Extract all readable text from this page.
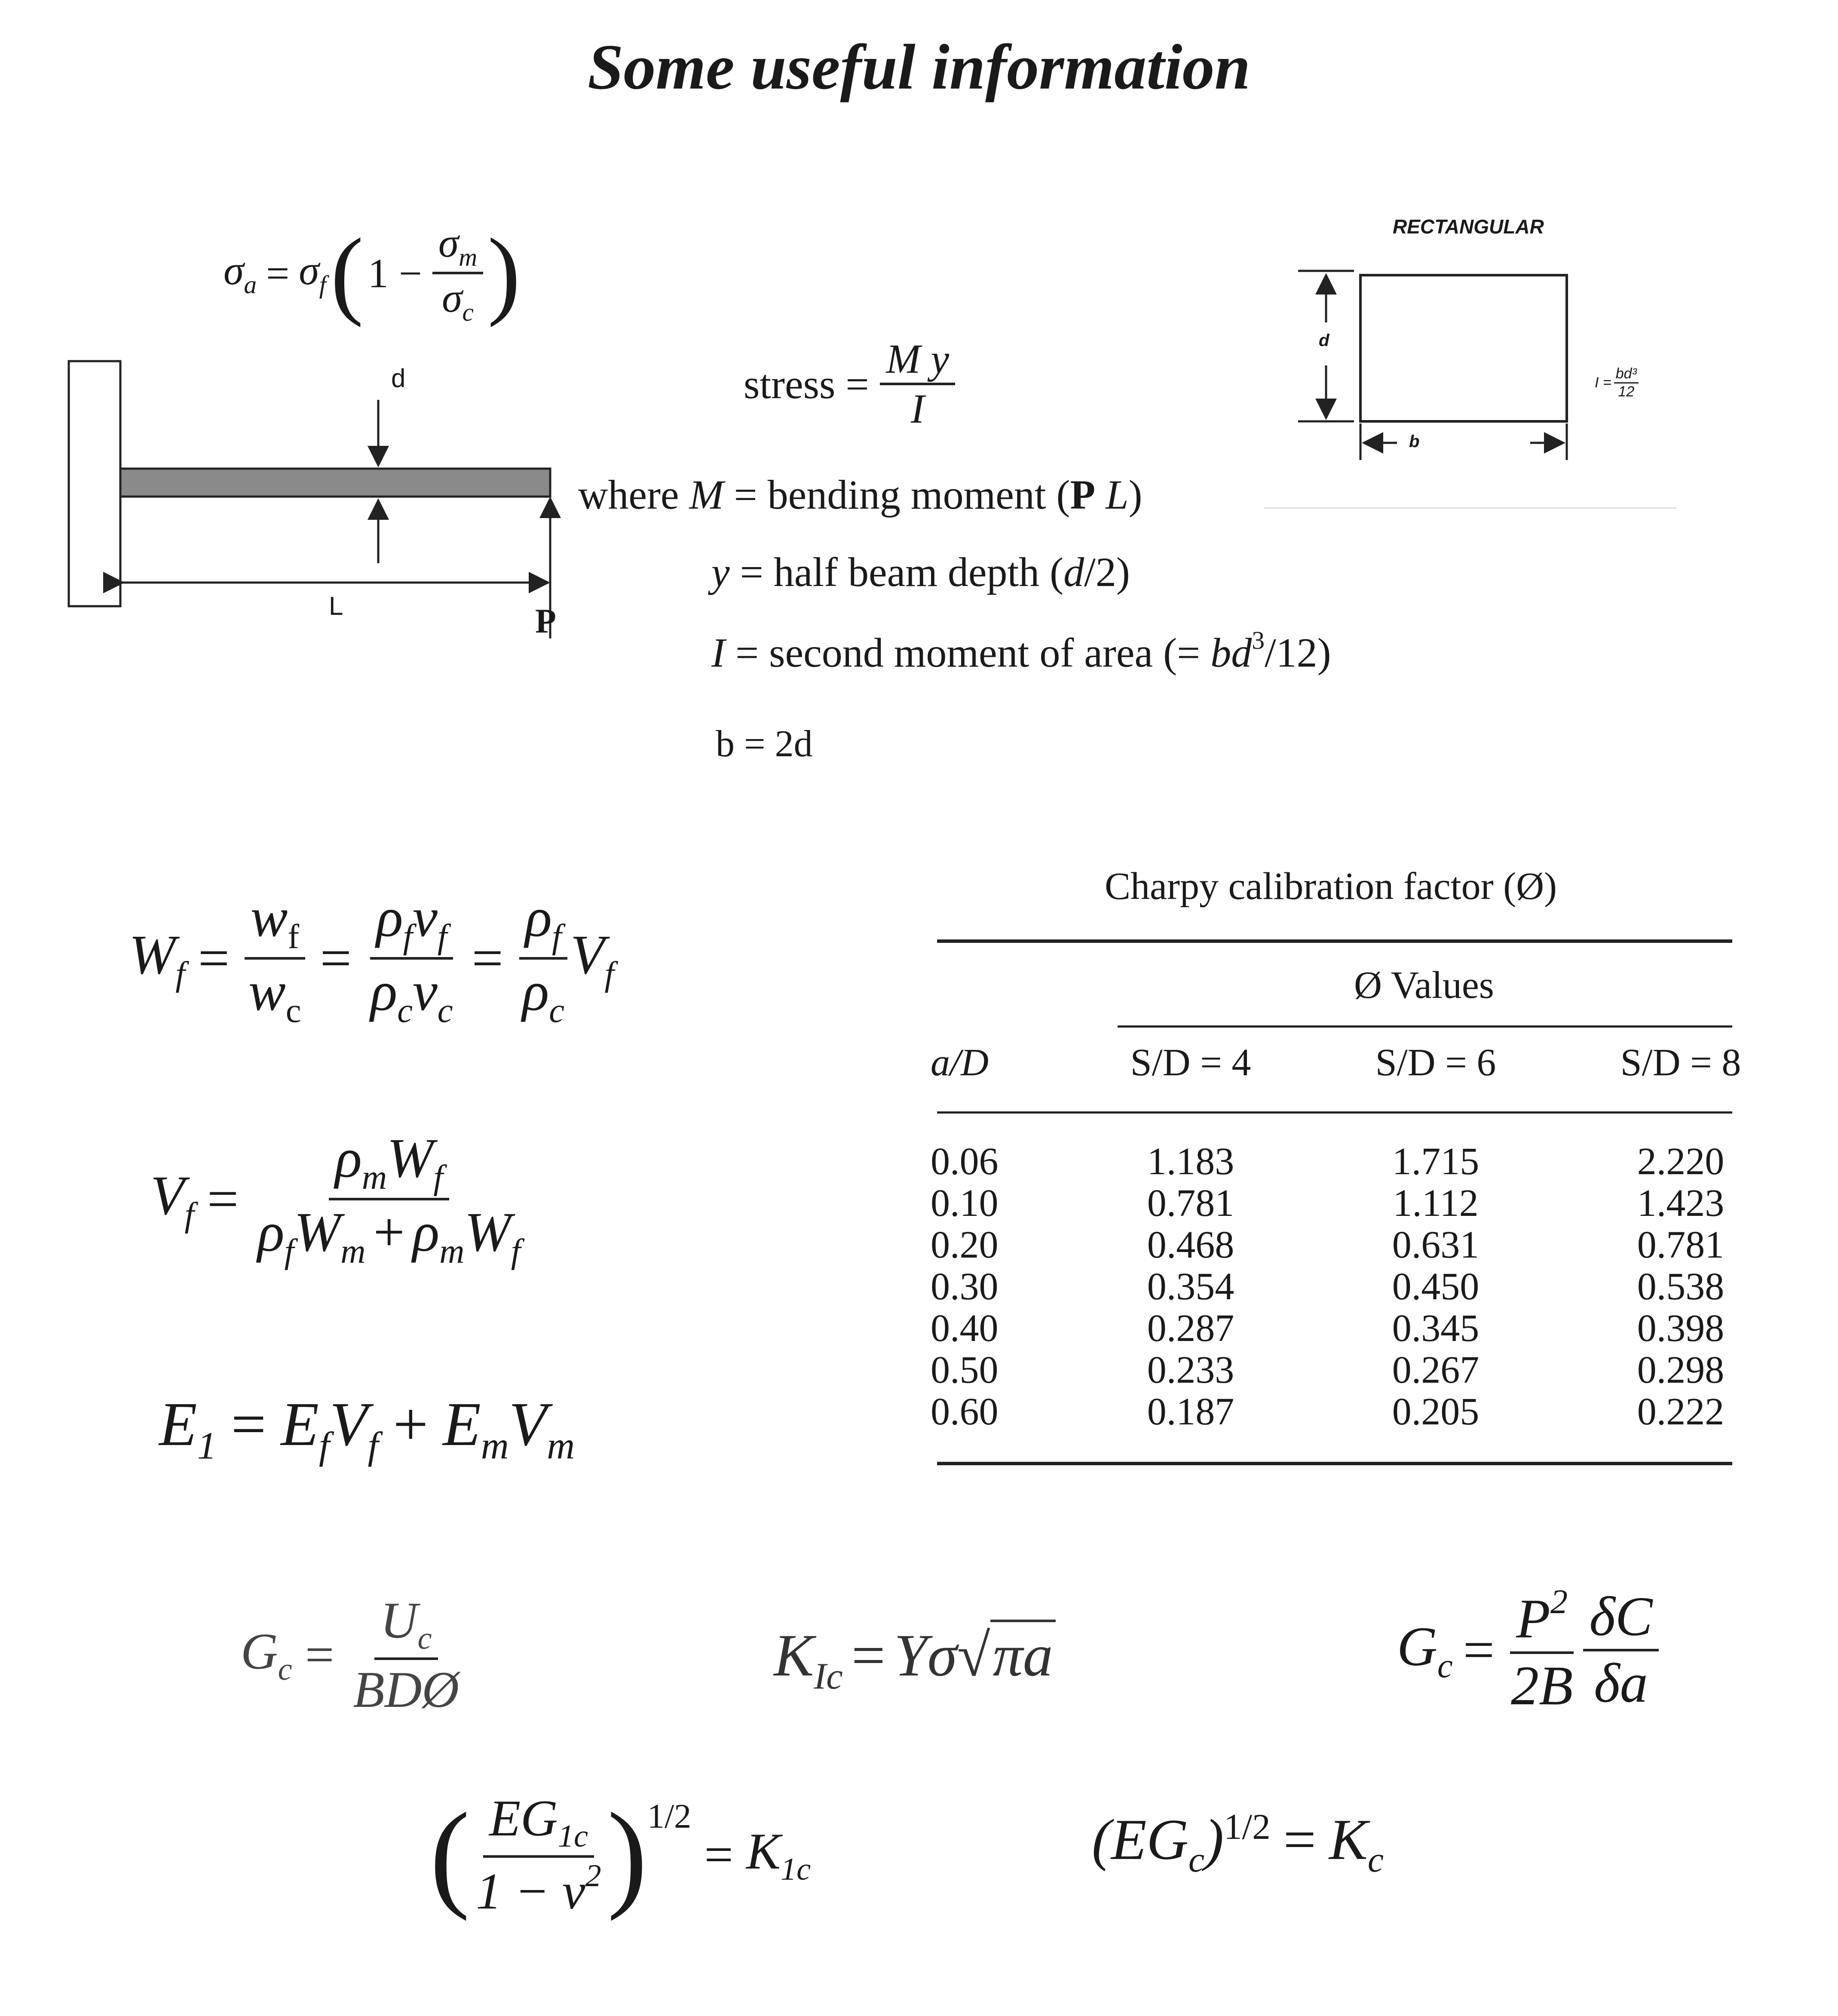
Some useful information
$\sigma_a = \sigma_f$ ( $1 - \frac{\sigma_m}{\sigma_c}$ )
d
L	P
stress = $\frac{\text{M y}}{I}$
where M = bending moment (P L)
y = half beam depth (d/2)
I = second moment of area (= $bd^3/12$)
b = 2d
RECTANGULAR
d
b
$I = \frac{\text{bd³}}{12}$
$W_f = \frac{w_f}{w_c} = \frac{\rho_f\nu_f}{\rho_c\nu_c} = \frac{\rho_f}{\rho_c} V_f$
$V_f = \frac{\rho_mW_f}{\rho_fW_m + \rho_mW_f}$
$E_1 = E_fV_f + E_mV_m$
Charpy calibration factor (Ø)
Ø Values
a/D	S/D = 4	S/D = 6	S/D = 8
0.06	1.183	1.715	2.220
0.10	0.781	1.112	1.423
0.20	0.468	0.631	0.781
0.30	0.354	0.450	0.538
0.40	0.287	0.345	0.398
0.50	0.233	0.267	0.298
0.60	0.187	0.205	0.222
$G_c = \frac{U_c}{\text{BDØ}}$	$K_{Ic} = Y\sigma√\pi a$	$G_c = \frac{P^2}{2B} \frac{\delta C}{\delta a}$
( $\frac{EG_{1c}}{1 - \nu^2}$ ) 1/2
= $K_{1c}$	$(EG_c)^{1/2} = K_c$
